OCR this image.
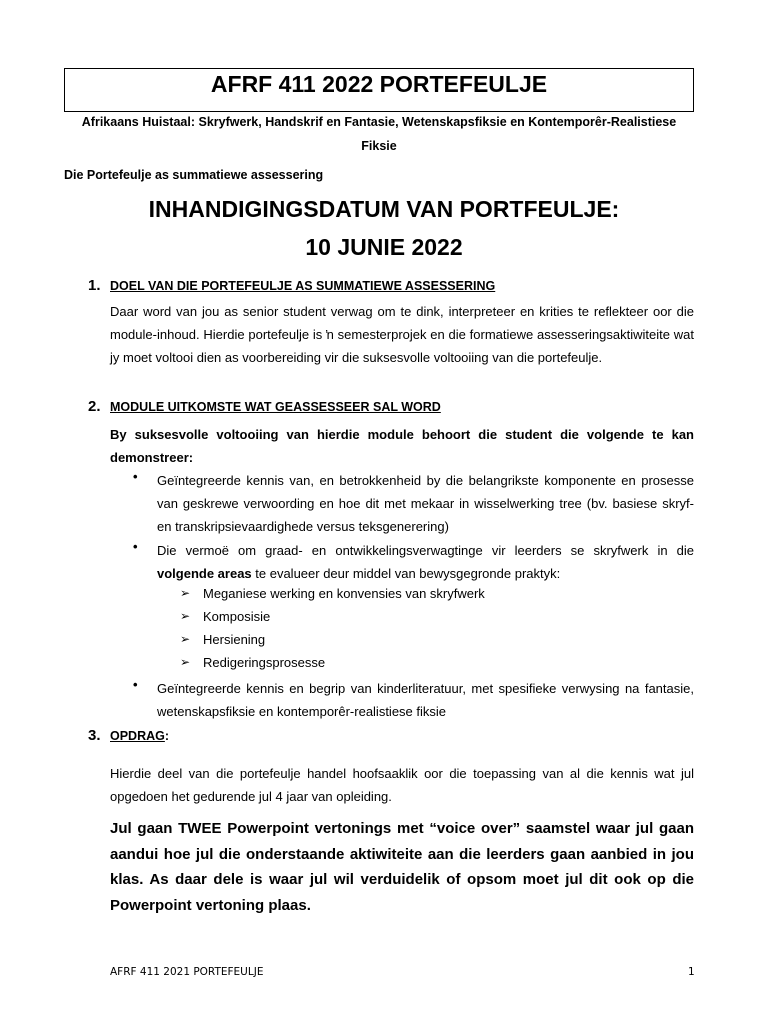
AFRF 411 2022 PORTEFEULJE
Afrikaans Huistaal: Skryfwerk, Handskrif en Fantasie, Wetenskapsfiksie en Kontemporêr-Realistiese Fiksie
Die Portefeulje as summatiewe assessering
INHANDIGINGSDATUM VAN PORTFEULJE:
10 JUNIE 2022
1. DOEL VAN DIE PORTEFEULJE AS SUMMATIEWE ASSESSERING
Daar word van jou as senior student verwag om te dink, interpreteer en krities te reflekteer oor die module-inhoud. Hierdie portefeulje is ŉ semesterprojek en die formatiewe assesseringsaktiwiteite wat jy moet voltooi dien as voorbereiding vir die suksesvolle voltooiing van die portefeulje.
2. MODULE UITKOMSTE WAT GEASSESSEER SAL WORD
By suksesvolle voltooiing van hierdie module behoort die student die volgende te kan demonstreer:
• Geïntegreerde kennis van, en betrokkenheid by die belangrikste komponente en prosesse van geskrewe verwoording en hoe dit met mekaar in wisselwerking tree (bv. basiese skryf- en transkripsievaardighede versus teksgenerering)
• Die vermoë om graad- en ontwikkelingsverwagtinge vir leerders se skryfwerk in die volgende areas te evalueer deur middel van bewysgegronde praktyk:
➢ Meganiese werking en konvensies van skryfwerk
➢ Komposisie
➢ Hersiening
➢ Redigeringsprosesse
• Geïntegreerde kennis en begrip van kinderliteratuur, met spesifieke verwysing na fantasie, wetenskapsfiksie en kontemporêr-realistiese fiksie
3. OPDRAG:
Hierdie deel van die portefeulje handel hoofsaaklik oor die toepassing van al die kennis wat jul opgedoen het gedurende jul 4 jaar van opleiding.
Jul gaan TWEE Powerpoint vertonings met “voice over” saamstel waar jul gaan aandui hoe jul die onderstaande aktiwiteite aan die leerders gaan aanbied in jou klas. As daar dele is waar jul wil verduidelik of opsom moet jul dit ook op die Powerpoint vertoning plaas.
AFRF 411 2021 PORTEFEULJE	1
